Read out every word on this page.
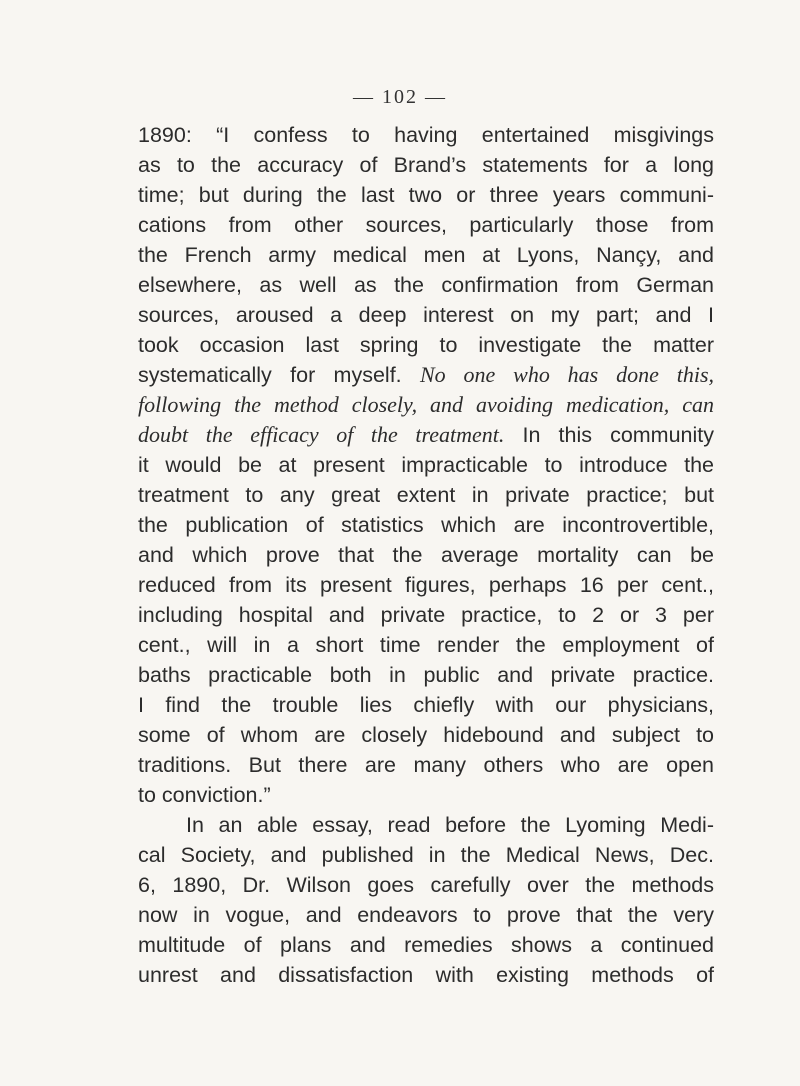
— 102 —
1890: “I confess to having entertained misgivings
as to the accuracy of Brand’s statements for a long
time; but during the last two or three years communi-
cations from other sources, particularly those from
the French army medical men at Lyons, Nançy, and
elsewhere, as well as the confirmation from German
sources, aroused a deep interest on my part; and I
took occasion last spring to investigate the matter
systematically for myself. No one who has done this,
following the method closely, and avoiding medication, can
doubt the efficacy of the treatment. In this community
it would be at present impracticable to introduce the
treatment to any great extent in private practice; but
the publication of statistics which are incontrovertible,
and which prove that the average mortality can be
reduced from its present figures, perhaps 16 per cent.,
including hospital and private practice, to 2 or 3 per
cent., will in a short time render the employment of
baths practicable both in public and private practice.
I find the trouble lies chiefly with our physicians,
some of whom are closely hidebound and subject to
traditions. But there are many others who are open
to conviction.”
In an able essay, read before the Lyoming Medi-
cal Society, and published in the Medical News, Dec.
6, 1890, Dr. Wilson goes carefully over the methods
now in vogue, and endeavors to prove that the very
multitude of plans and remedies shows a continued
unrest and dissatisfaction with existing methods of
